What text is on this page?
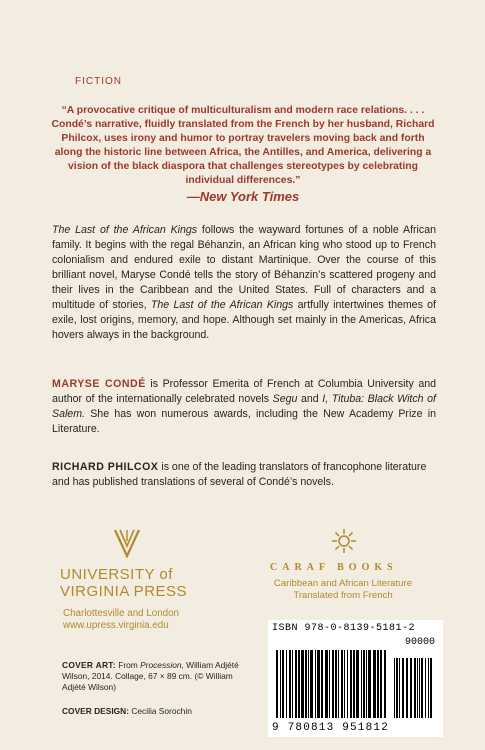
FICTION
“A provocative critique of multiculturalism and modern race relations. . . . Condé’s narrative, fluidly translated from the French by her husband, Richard Philcox, uses irony and humor to portray travelers moving back and forth along the historic line between Africa, the Antilles, and America, delivering a vision of the black diaspora that challenges stereotypes by celebrating individual differences.”
—New York Times
The Last of the African Kings follows the wayward fortunes of a noble African family. It begins with the regal Béhanzin, an African king who stood up to French colonialism and endured exile to distant Martinique. Over the course of this brilliant novel, Maryse Condé tells the story of Béhanzin’s scattered progeny and their lives in the Caribbean and the United States. Full of characters and a multitude of stories, The Last of the African Kings artfully intertwines themes of exile, lost origins, memory, and hope. Although set mainly in the Americas, Africa hovers always in the background.
MARYSE CONDÉ is Professor Emerita of French at Columbia University and author of the internationally celebrated novels Segu and I, Tituba: Black Witch of Salem. She has won numerous awards, including the New Academy Prize in Literature.
RICHARD PHILCOX is one of the leading translators of francophone literature and has published translations of several of Condé’s novels.
UNIVERSITY of
VIRGINIA PRESS
Charlottesville and London
www.upress.virginia.edu
CARAF BOOKS
Caribbean and African Literature
Translated from French
COVER ART: From Procession, William Adjété Wilson, 2014. Collage, 67 × 89 cm. (© William Adjété Wilson)
COVER DESIGN: Cecilia Sorochin
ISBN 978-0-8139-5181-2
90000
9 780813 951812
